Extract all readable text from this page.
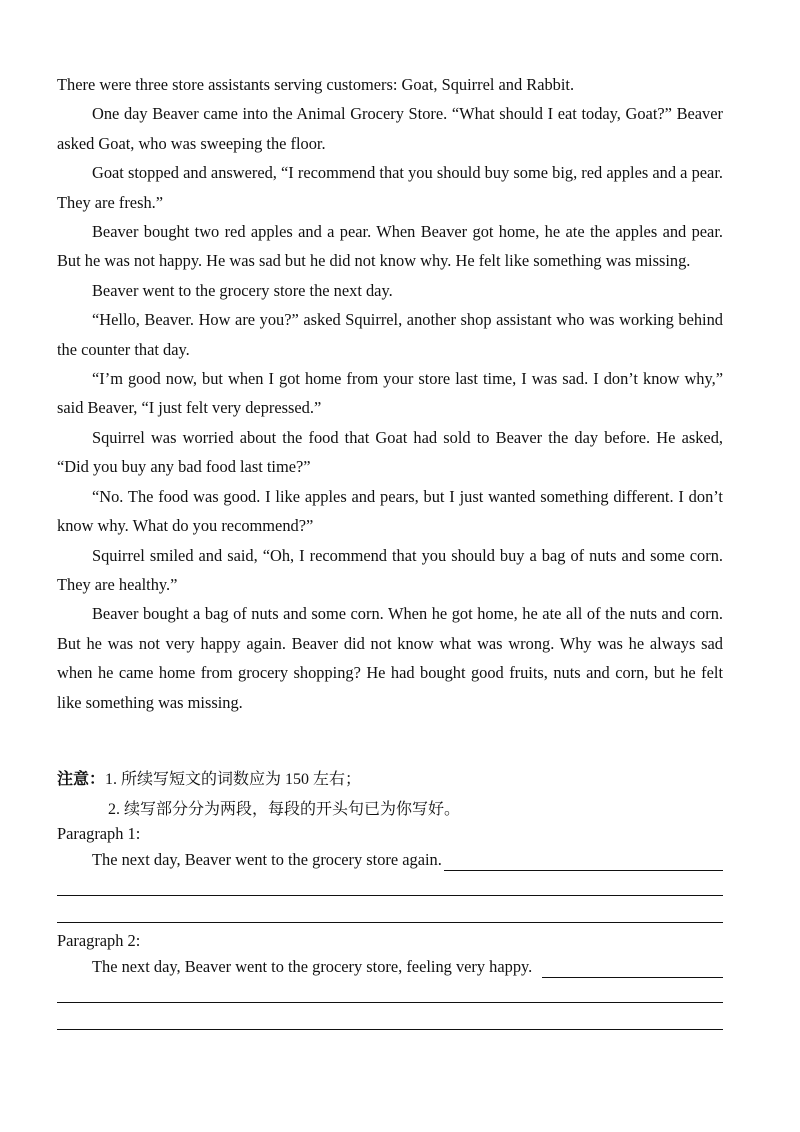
There were three store assistants serving customers: Goat, Squirrel and Rabbit.

One day Beaver came into the Animal Grocery Store. “What should I eat today, Goat?” Beaver asked Goat, who was sweeping the floor.

Goat stopped and answered, “I recommend that you should buy some big, red apples and a pear. They are fresh.”

Beaver bought two red apples and a pear. When Beaver got home, he ate the apples and pear. But he was not happy. He was sad but he did not know why. He felt like something was missing.

Beaver went to the grocery store the next day.

“Hello, Beaver. How are you?” asked Squirrel, another shop assistant who was working behind the counter that day.

“I’m good now, but when I got home from your store last time, I was sad. I don’t know why,” said Beaver, “I just felt very depressed.”

Squirrel was worried about the food that Goat had sold to Beaver the day before. He asked, “Did you buy any bad food last time?”

“No. The food was good. I like apples and pears, but I just wanted something different. I don’t know why. What do you recommend?”

Squirrel smiled and said, “Oh, I recommend that you should buy a bag of nuts and some corn. They are healthy.”

Beaver bought a bag of nuts and some corn. When he got home, he ate all of the nuts and corn. But he was not very happy again. Beaver did not know what was wrong. Why was he always sad when he came home from grocery shopping? He had bought good fruits, nuts and corn, but he felt like something was missing.

注意：1. 所续写短文的词数应为 150 左右；
2. 续写部分分为两段，每段的开头句已为你写好。
Paragraph 1:
The next day, Beaver went to the grocery store again.
Paragraph 2:
The next day, Beaver went to the grocery store, feeling very happy.
